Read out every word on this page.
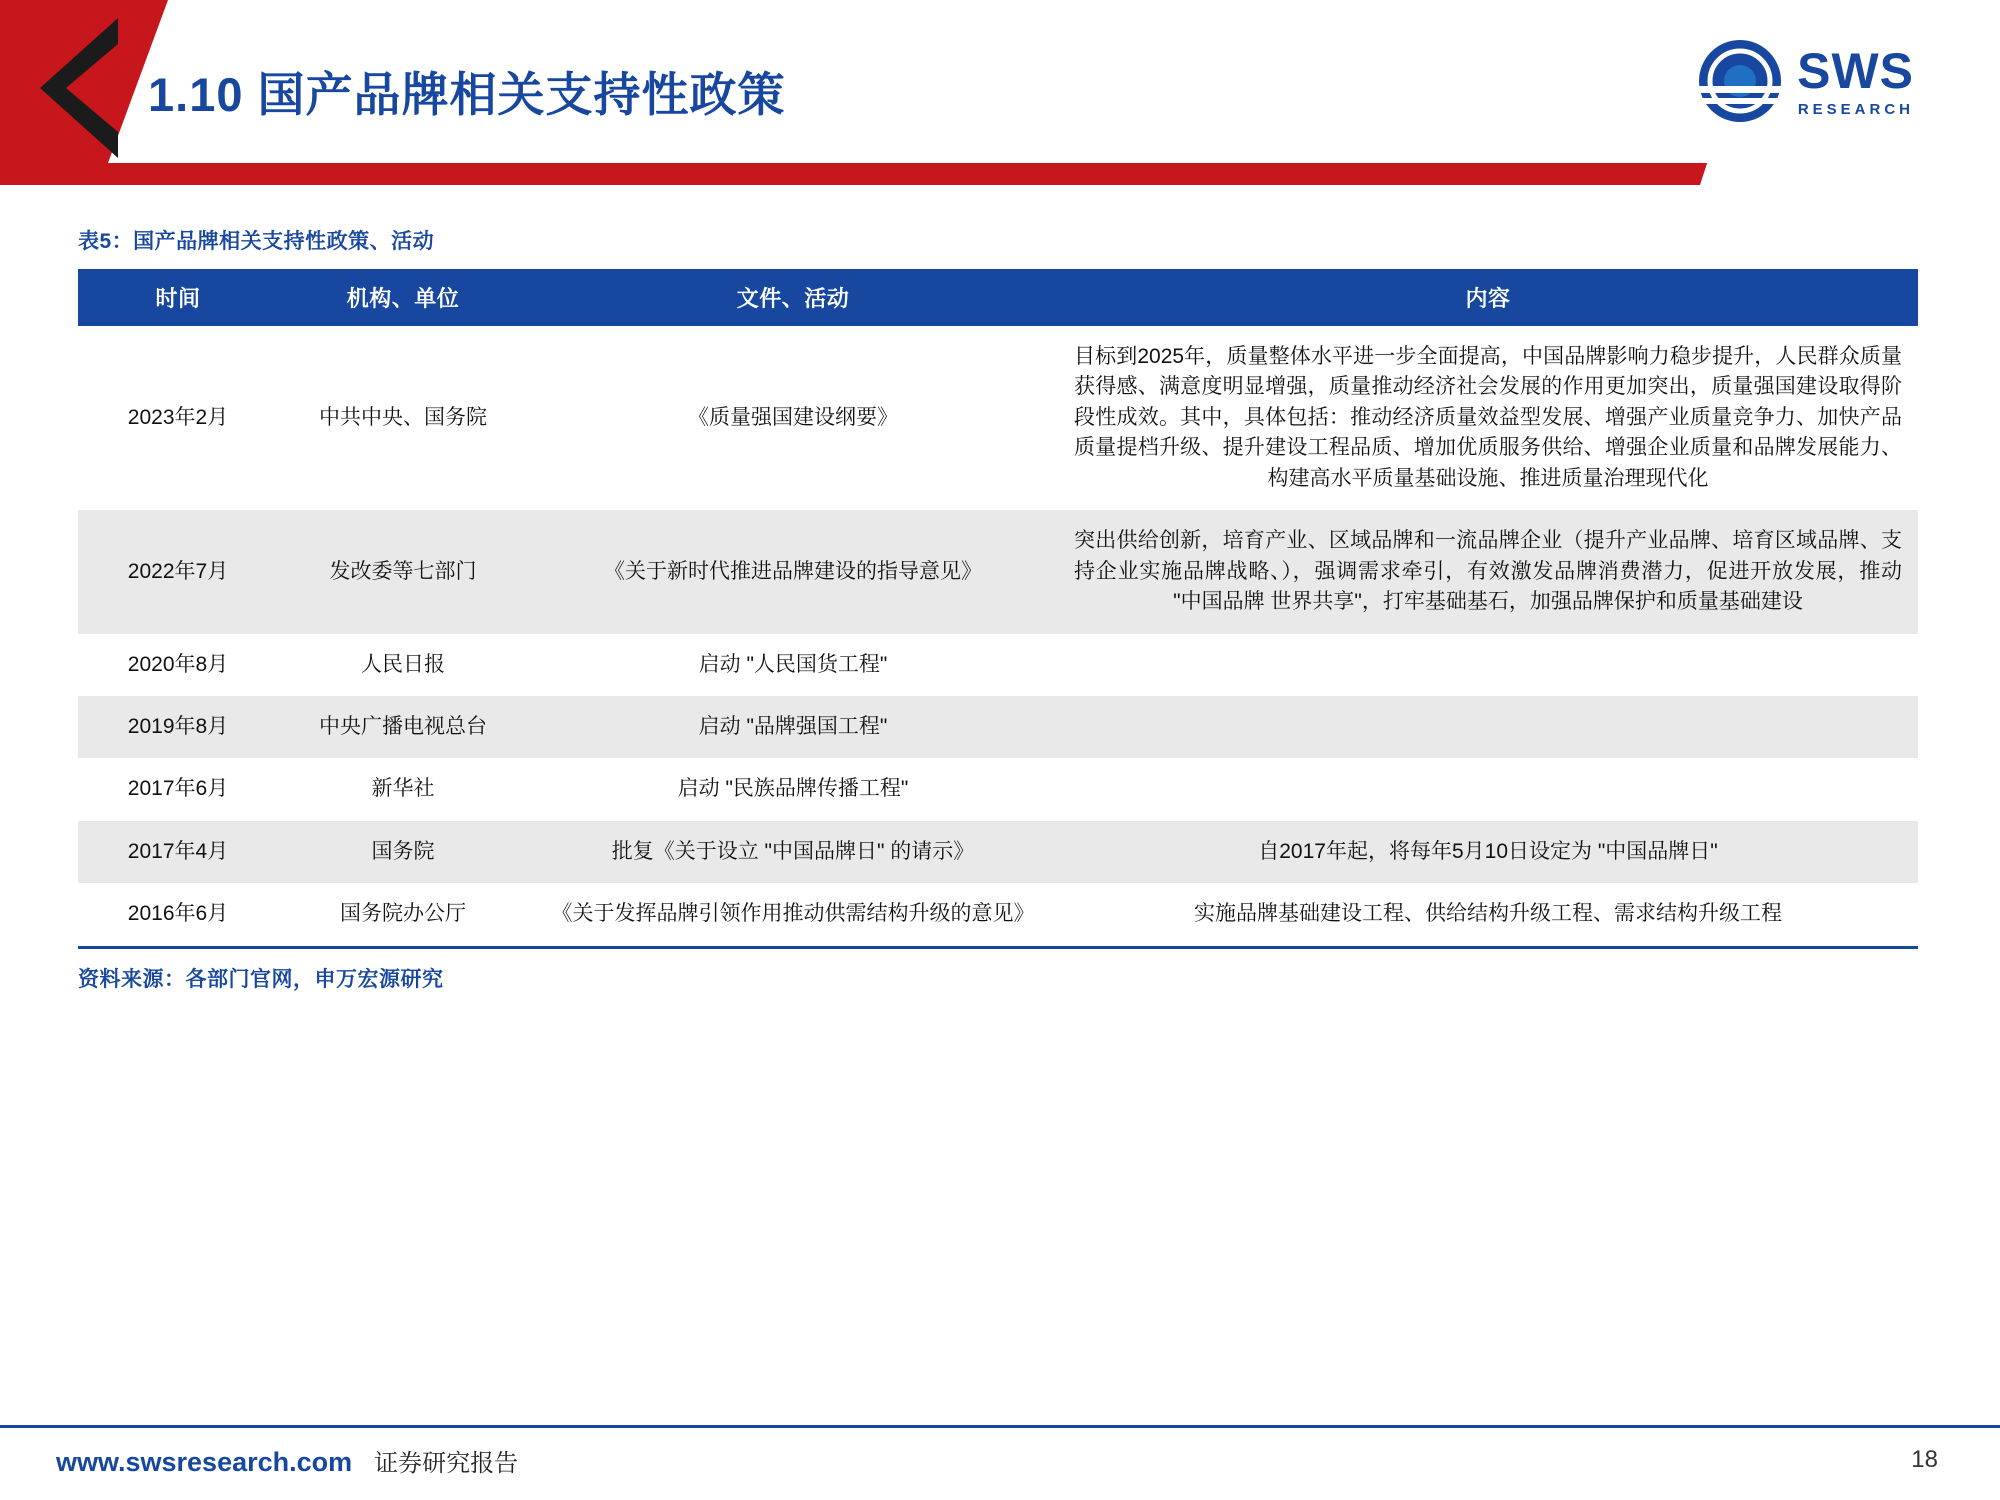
1.10 国产品牌相关支持性政策	SWS
RESEARCH
表5：国产品牌相关支持性政策、活动
时间	机构、单位	文件、活动	内容
2023年2月	中共中央、国务院	《质量强国建设纲要》	目标到2025年，质量整体水平进一步全面提高，中国品牌影响力稳步提升，人民群众质量获得感、满意度明显增强，质量推动经济社会发展的作用更加突出，质量强国建设取得阶段性成效。其中，具体包括：推动经济质量效益型发展、增强产业质量竞争力、加快产品质量提档升级、提升建设工程品质、增加优质服务供给、增强企业质量和品牌发展能力、构建高水平质量基础设施、推进质量治理现代化
2022年7月	发改委等七部门	《关于新时代推进品牌建设的指导意见》	突出供给创新，培育产业、区域品牌和一流品牌企业（提升产业品牌、培育区域品牌、支持企业实施品牌战略、），强调需求牵引，有效激发品牌消费潜力，促进开放发展，推动 "中国品牌 世界共享"，打牢基础基石，加强品牌保护和质量基础建设
2020年8月	人民日报	启动 "人民国货工程"	
2019年8月	中央广播电视总台	启动 "品牌强国工程"	
2017年6月	新华社	启动 "民族品牌传播工程"	
2017年4月	国务院	批复《关于设立 "中国品牌日" 的请示》	自2017年起，将每年5月10日设定为 "中国品牌日"
2016年6月	国务院办公厅	《关于发挥品牌引领作用推动供需结构升级的意见》	实施品牌基础建设工程、供给结构升级工程、需求结构升级工程
资料来源：各部门官网，申万宏源研究
www.swsresearch.com 证券研究报告	18
